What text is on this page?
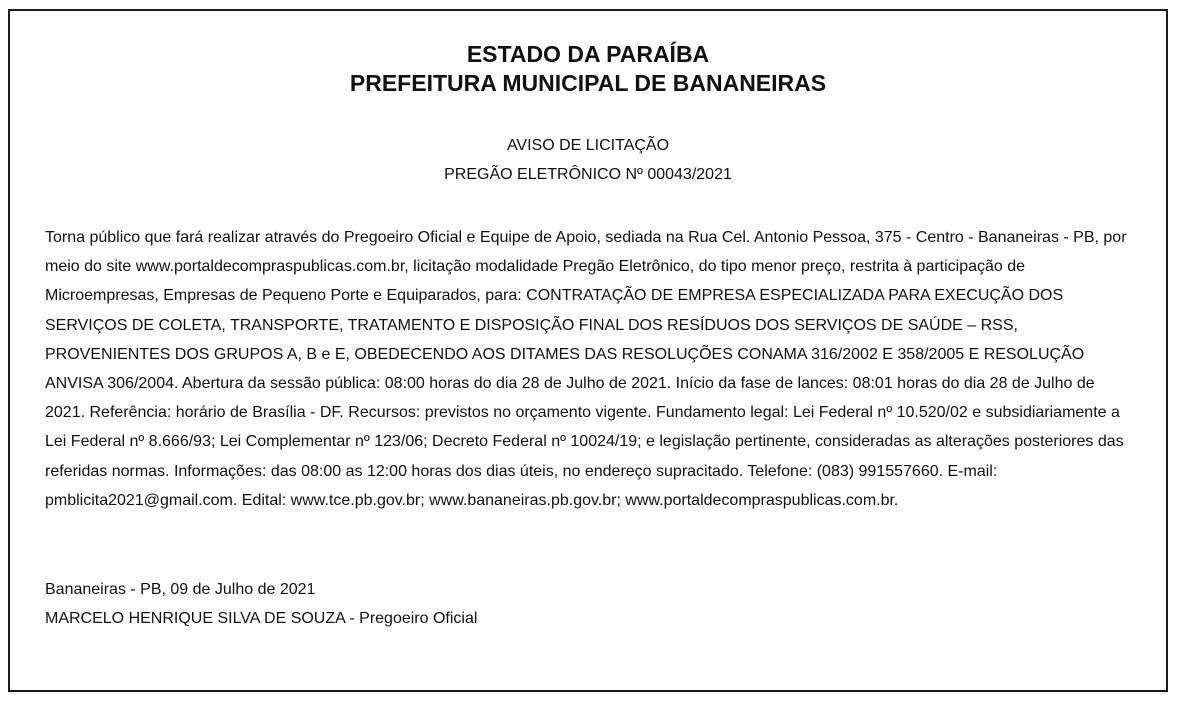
ESTADO DA PARAÍBA
PREFEITURA MUNICIPAL DE BANANEIRAS
AVISO DE LICITAÇÃO
PREGÃO ELETRÔNICO Nº 00043/2021

Torna público que fará realizar através do Pregoeiro Oficial e Equipe de Apoio, sediada na Rua Cel. Antonio Pessoa, 375 - Centro - Bananeiras - PB, por meio do site www.portaldecompraspublicas.com.br, licitação modalidade Pregão Eletrônico, do tipo menor preço, restrita à participação de Microempresas, Empresas de Pequeno Porte e Equiparados, para: CONTRATAÇÃO DE EMPRESA ESPECIALIZADA PARA EXECUÇÃO DOS SERVIÇOS DE COLETA, TRANSPORTE, TRATAMENTO E DISPOSIÇÃO FINAL DOS RESÍDUOS DOS SERVIÇOS DE SAÚDE – RSS, PROVENIENTES DOS GRUPOS A, B e E, OBEDECENDO AOS DITAMES DAS RESOLUÇÕES CONAMA 316/2002 E 358/2005 E RESOLUÇÃO ANVISA 306/2004. Abertura da sessão pública: 08:00 horas do dia 28 de Julho de 2021. Início da fase de lances: 08:01 horas do dia 28 de Julho de 2021. Referência: horário de Brasília - DF. Recursos: previstos no orçamento vigente. Fundamento legal: Lei Federal nº 10.520/02 e subsidiariamente a Lei Federal nº 8.666/93; Lei Complementar nº 123/06; Decreto Federal nº 10024/19; e legislação pertinente, consideradas as alterações posteriores das referidas normas. Informações: das 08:00 as 12:00 horas dos dias úteis, no endereço supracitado. Telefone: (083) 991557660. E-mail: pmblicita2021@gmail.com. Edital: www.tce.pb.gov.br; www.bananeiras.pb.gov.br; www.portaldecompraspublicas.com.br.

Bananeiras - PB, 09 de Julho de 2021
MARCELO HENRIQUE SILVA DE SOUZA - Pregoeiro Oficial
